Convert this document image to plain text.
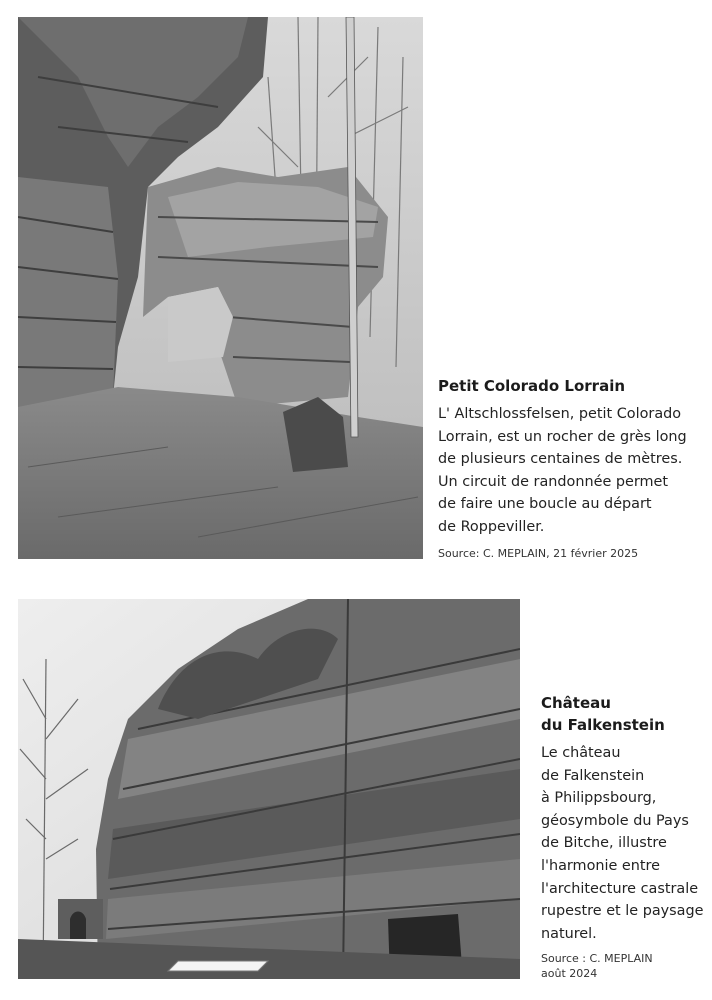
Petit Colorado Lorrain

L' Altschlossfelsen, petit Colorado
Lorrain, est un rocher de grès long
de plusieurs centaines de mètres.
Un circuit de randonnée permet
de faire une boucle au départ
de Roppeviller.

Source: C. MEPLAIN, 21 février 2025
Château
du Falkenstein

Le château
de Falkenstein
à Philippsbourg,
géosymbole du Pays
de Bitche, illustre
l'harmonie entre
l'architecture castrale
rupestre et le paysage
naturel.

Source : C. MEPLAIN
août 2024
